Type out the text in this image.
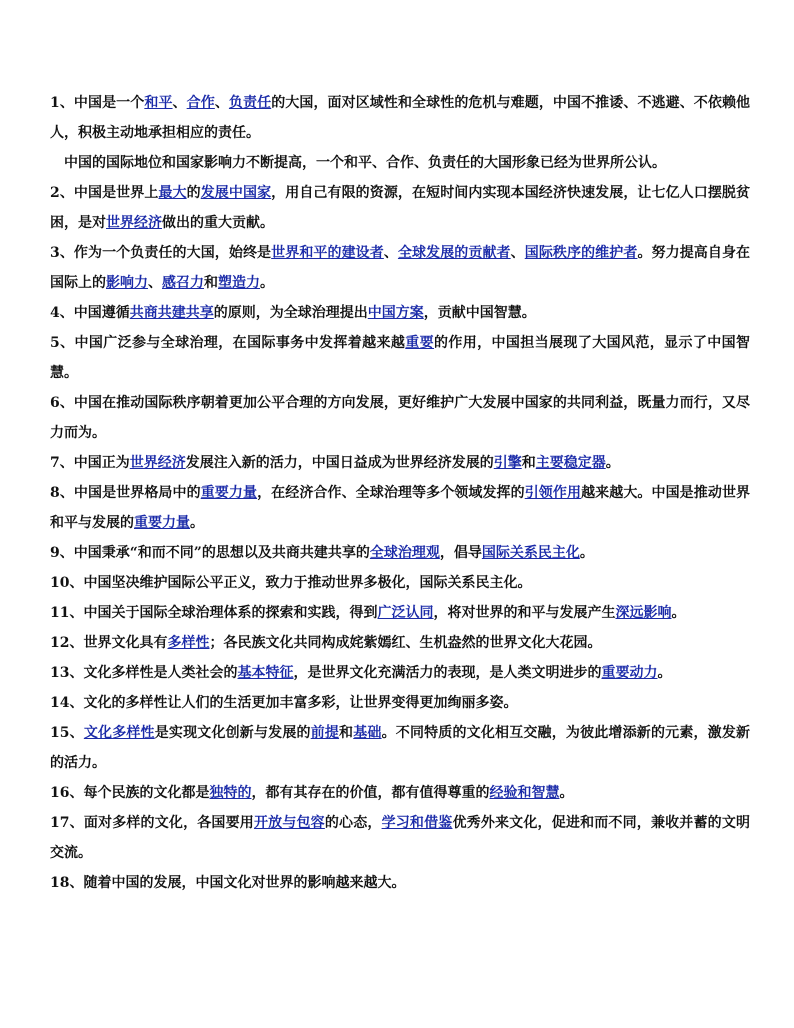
1、中国是一个和平、合作、负责任的大国，面对区域性和全球性的危机与难题，中国不推诿、不逃避、不依赖他人，积极主动地承担相应的责任。

中国的国际地位和国家影响力不断提高，一个和平、合作、负责任的大国形象已经为世界所公认。

2、中国是世界上最大的发展中国家，用自己有限的资源，在短时间内实现本国经济快速发展，让七亿人口摆脱贫困，是对世界经济做出的重大贡献。

3、作为一个负责任的大国，始终是世界和平的建设者、全球发展的贡献者、国际秩序的维护者。努力提高自身在国际上的影响力、感召力和塑造力。

4、中国遵循共商共建共享的原则，为全球治理提出中国方案，贡献中国智慧。

5、中国广泛参与全球治理，在国际事务中发挥着越来越重要的作用，中国担当展现了大国风范，显示了中国智慧。

6、中国在推动国际秩序朝着更加公平合理的方向发展，更好维护广大发展中国家的共同利益，既量力而行，又尽力而为。

7、中国正为世界经济发展注入新的活力，中国日益成为世界经济发展的引擎和主要稳定器。

8、中国是世界格局中的重要力量，在经济合作、全球治理等多个领域发挥的引领作用越来越大。中国是推动世界和平与发展的重要力量。

9、中国秉承“和而不同”的思想以及共商共建共享的全球治理观，倡导国际关系民主化。

10、中国坚决维护国际公平正义，致力于推动世界多极化，国际关系民主化。

11、中国关于国际全球治理体系的探索和实践，得到广泛认同，将对世界的和平与发展产生深远影响。

12、世界文化具有多样性；各民族文化共同构成姹紫嫣红、生机盎然的世界文化大花园。

13、文化多样性是人类社会的基本特征，是世界文化充满活力的表现，是人类文明进步的重要动力。

14、文化的多样性让人们的生活更加丰富多彩，让世界变得更加绚丽多姿。

15、文化多样性是实现文化创新与发展的前提和基础。不同特质的文化相互交融，为彼此增添新的元素，激发新的活力。

16、每个民族的文化都是独特的，都有其存在的价值，都有值得尊重的经验和智慧。

17、面对多样的文化，各国要用开放与包容的心态，学习和借鉴优秀外来文化，促进和而不同，兼收并蓄的文明交流。

18、随着中国的发展，中国文化对世界的影响越来越大。
